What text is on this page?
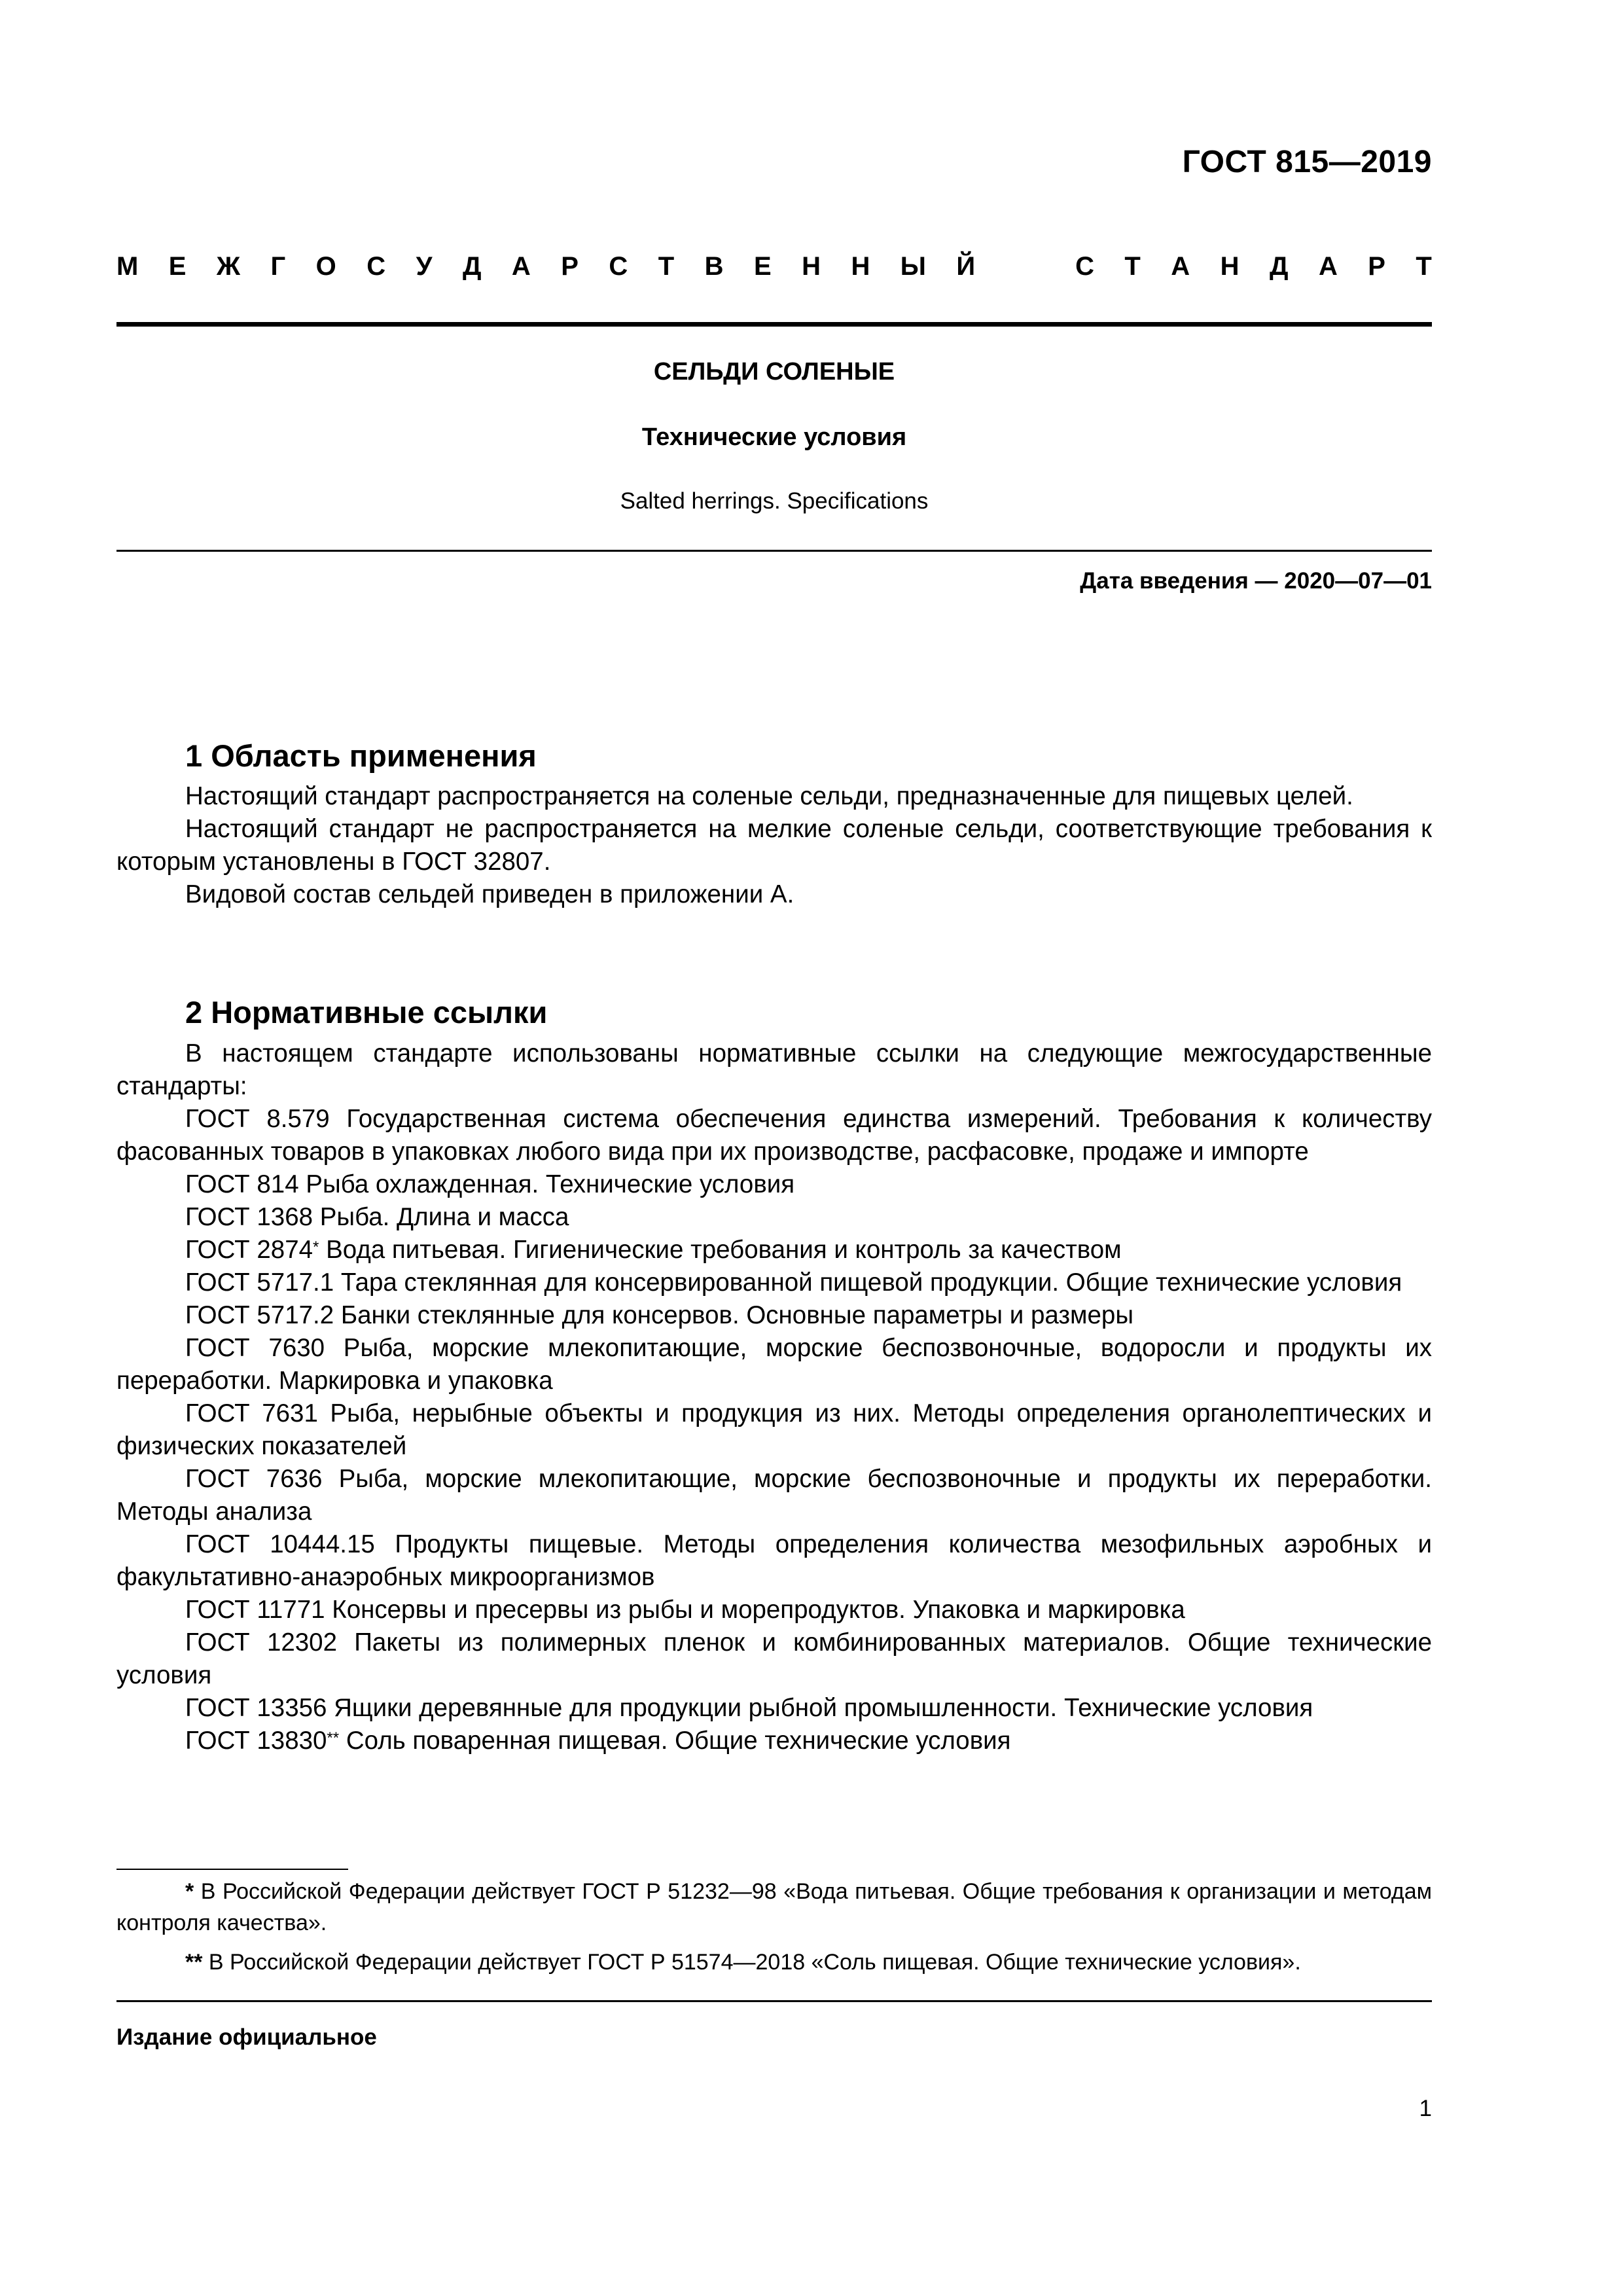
ГОСТ 815—2019
М Е Ж Г О С У Д А Р С Т В Е Н Н Ы Й	С Т А Н Д А Р Т
СЕЛЬДИ СОЛЕНЫЕ
Технические условия
Salted herrings. Specifications
Дата введения — 2020—07—01
1 Область применения

Настоящий стандарт распространяется на соленые сельди, предназначенные для пищевых целей.

Настоящий стандарт не распространяется на мелкие соленые сельди, соответствующие требования к которым установлены в ГОСТ 32807.

Видовой состав сельдей приведен в приложении А.

2 Нормативные ссылки

В настоящем стандарте использованы нормативные ссылки на следующие межгосударственные стандарты:

ГОСТ 8.579 Государственная система обеспечения единства измерений. Требования к количеству фасованных товаров в упаковках любого вида при их производстве, расфасовке, продаже и импорте

ГОСТ 814 Рыба охлажденная. Технические условия

ГОСТ 1368 Рыба. Длина и масса

ГОСТ 2874* Вода питьевая. Гигиенические требования и контроль за качеством

ГОСТ 5717.1 Тара стеклянная для консервированной пищевой продукции. Общие технические условия

ГОСТ 5717.2 Банки стеклянные для консервов. Основные параметры и размеры

ГОСТ 7630 Рыба, морские млекопитающие, морские беспозвоночные, водоросли и продукты их переработки. Маркировка и упаковка

ГОСТ 7631 Рыба, нерыбные объекты и продукция из них. Методы определения органолептических и физических показателей

ГОСТ 7636 Рыба, морские млекопитающие, морские беспозвоночные и продукты их переработки. Методы анализа

ГОСТ 10444.15 Продукты пищевые. Методы определения количества мезофильных аэробных и факультативно-анаэробных микроорганизмов

ГОСТ 11771 Консервы и пресервы из рыбы и морепродуктов. Упаковка и маркировка

ГОСТ 12302 Пакеты из полимерных пленок и комбинированных материалов. Общие технические условия

ГОСТ 13356 Ящики деревянные для продукции рыбной промышленности. Технические условия

ГОСТ 13830** Соль поваренная пищевая. Общие технические условия

* В Российской Федерации действует ГОСТ Р 51232—98 «Вода питьевая. Общие требования к организации и методам контроля качества».

** В Российской Федерации действует ГОСТ Р 51574—2018 «Соль пищевая. Общие технические условия».

Издание официальное
1
